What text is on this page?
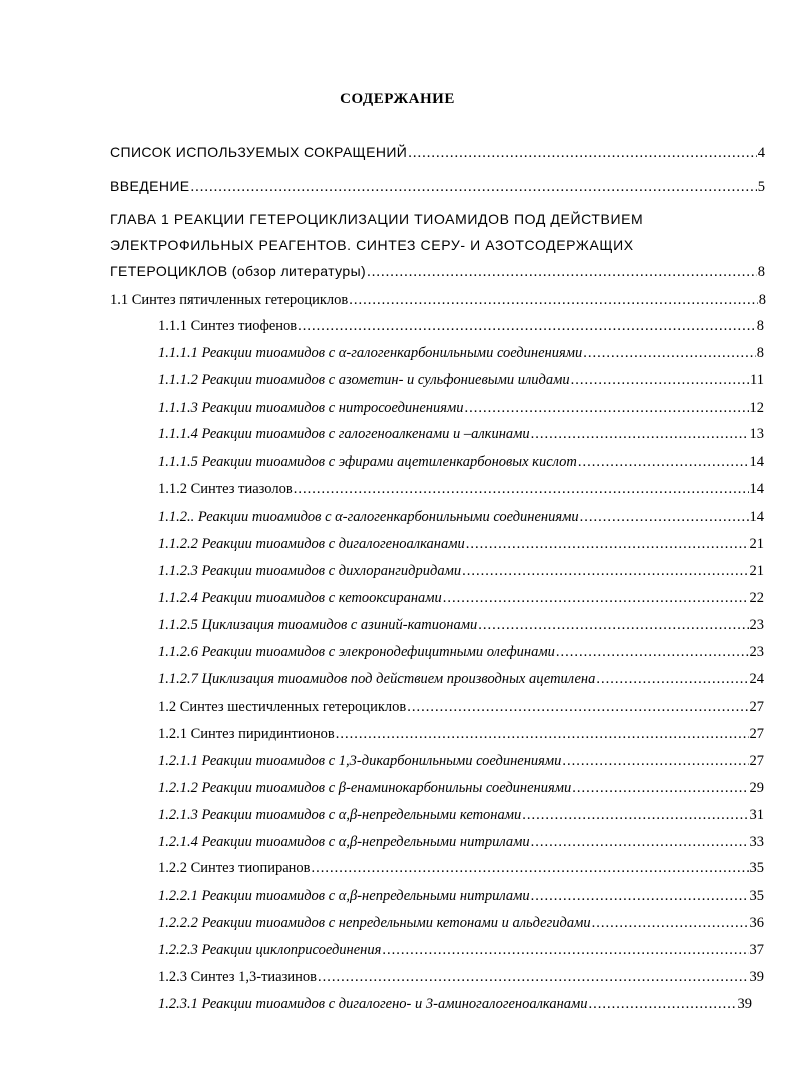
СОДЕРЖАНИЕ
СПИСОК ИСПОЛЬЗУЕМЫХ СОКРАЩЕНИЙ .....	4
ВВЕДЕНИЕ .....	5
ГЛАВА 1 РЕАКЦИИ ГЕТЕРОЦИКЛИЗАЦИИ ТИОАМИДОВ ПОД ДЕЙСТВИЕМ
ЭЛЕКТРОФИЛЬНЫХ РЕАГЕНТОВ. СИНТЕЗ СЕРУ- И АЗОТСОДЕРЖАЩИХ
ГЕТЕРОЦИКЛОВ (обзор литературы) .....	8
1.1 Синтез пятичленных гетероциклов .....	8
1.1.1 Синтез тиофенов .....	8
1.1.1.1 Реакции тиоамидов с α-галогенкарбонильными соединениями .....	8
1.1.1.2 Реакции тиоамидов с азометин- и сульфониевыми илидами .....	11
1.1.1.3 Реакции тиоамидов с нитросоединениями .....	12
1.1.1.4 Реакции тиоамидов с галогеноалкенами и –алкинами .....	13
1.1.1.5 Реакции тиоамидов с эфирами ацетиленкарбоновых кислот .....	14
1.1.2 Синтез тиазолов .....	14
1.1.2.. Реакции тиоамидов с α-галогенкарбонильными соединениями .....	14
1.1.2.2 Реакции тиоамидов с дигалогеноалканами .....	21
1.1.2.3 Реакции тиоамидов с дихлорангидридами .....	21
1.1.2.4 Реакции тиоамидов с кетооксиранами .....	22
1.1.2.5 Циклизация тиоамидов с азиний-катионами .....	23
1.1.2.6 Реакции тиоамидов с элекронодефицитными олефинами .....	23
1.1.2.7 Циклизация тиоамидов под действием производных ацетилена .....	24
1.2 Синтез шестичленных гетероциклов .....	27
1.2.1 Синтез пиридинтионов .....	27
1.2.1.1 Реакции тиоамидов с 1,3-дикарбонильными соединениями .....	27
1.2.1.2 Реакции тиоамидов с β-енаминокарбонильны соединениями .....	29
1.2.1.3 Реакции тиоамидов с α,β-непредельными кетонами .....	31
1.2.1.4 Реакции тиоамидов с α,β-непредельными нитрилами .....	33
1.2.2 Синтез тиопиранов .....	35
1.2.2.1 Реакции тиоамидов с α,β-непредельными нитрилами .....	35
1.2.2.2 Реакции тиоамидов с непредельными кетонами и альдегидами .....	36
1.2.2.3 Реакции циклоприсоединения .....	37
1.2.3 Синтез 1,3-тиазинов .....	39
1.2.3.1 Реакции тиоамидов с дигалогено- и 3-аминогалогеноалканами .....	39
